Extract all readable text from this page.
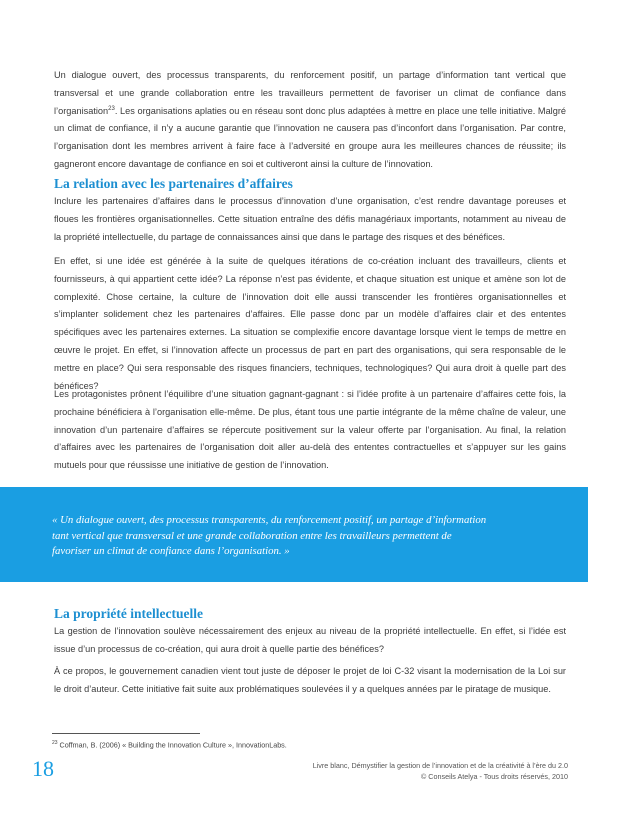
Un dialogue ouvert, des processus transparents, du renforcement positif, un partage d’information tant vertical que transversal et une grande collaboration entre les travailleurs permettent de favoriser un climat de confiance dans l’organisation$^{23}$. Les organisations aplaties ou en réseau sont donc plus adaptées à mettre en place une telle initiative. Malgré un climat de confiance, il n’y a aucune garantie que l’innovation ne causera pas d’inconfort dans l’organisation. Par contre, l’organisation dont les membres arrivent à faire face à l’adversité en groupe aura les meilleures chances de réussite; ils gagneront encore davantage de confiance en soi et cultiveront ainsi la culture de l’innovation.

La relation avec les partenaires d’affaires

Inclure les partenaires d’affaires dans le processus d’innovation d’une organisation, c’est rendre davantage poreuses et floues les frontières organisationnelles. Cette situation entraîne des défis managériaux importants, notamment au niveau de la propriété intellectuelle, du partage de connaissances ainsi que dans le partage des risques et des bénéfices.

En effet, si une idée est générée à la suite de quelques itérations de co-création incluant des travailleurs, clients et fournisseurs, à qui appartient cette idée? La réponse n’est pas évidente, et chaque situation est unique et amène son lot de complexité. Chose certaine, la culture de l’innovation doit elle aussi transcender les frontières organisationnelles et s’implanter solidement chez les partenaires d’affaires. Elle passe donc par un modèle d’affaires clair et des ententes spécifiques avec les partenaires externes. La situation se complexifie encore davantage lorsque vient le temps de mettre en œuvre le projet. En effet, si l’innovation affecte un processus de part en part des organisations, qui sera responsable de le mettre en place? Qui sera responsable des risques financiers, techniques, technologiques? Qui aura droit à quelle part des bénéfices?

Les protagonistes prônent l’équilibre d’une situation gagnant-gagnant : si l’idée profite à un partenaire d’affaires cette fois, la prochaine bénéficiera à l’organisation elle-même. De plus, étant tous une partie intégrante de la même chaîne de valeur, une innovation d’un partenaire d’affaires se répercute positivement sur la valeur offerte par l’organisation. Au final, la relation d’affaires avec les partenaires de l’organisation doit aller au-delà des ententes contractuelles et s’appuyer sur les gains mutuels pour que réussisse une initiative de gestion de l’innovation.

« Un dialogue ouvert, des processus transparents, du renforcement positif, un partage d’information tant vertical que transversal et une grande collaboration entre les travailleurs permettent de favoriser un climat de confiance dans l’organisation. »

La propriété intellectuelle

La gestion de l’innovation soulève nécessairement des enjeux au niveau de la propriété intellectuelle. En effet, si l’idée est issue d’un processus de co-création, qui aura droit à quelle partie des bénéfices?

À ce propos, le gouvernement canadien vient tout juste de déposer le projet de loi C-32 visant la modernisation de la Loi sur le droit d’auteur. Cette initiative fait suite aux problématiques soulevées il y a quelques années par le piratage de musique.

$^{23}$ Coffman, B. (2006) « Building the Innovation Culture », InnovationLabs.

18	Livre blanc, Démystifier la gestion de l’innovation et de la créativité à l’ère du 2.0
© Conseils Atelya - Tous droits réservés, 2010
